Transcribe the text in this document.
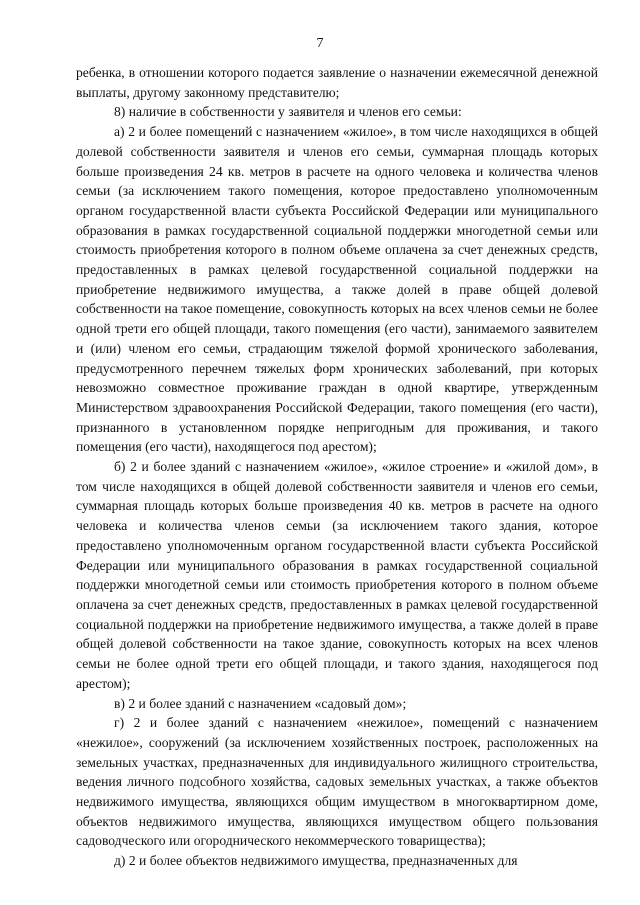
7

ребенка, в отношении которого подается заявление о назначении ежемесячной денежной выплаты, другому законному представителю;

8) наличие в собственности у заявителя и членов его семьи:

а) 2 и более помещений с назначением «жилое», в том числе находящихся в общей долевой собственности заявителя и членов его семьи, суммарная площадь которых больше произведения 24 кв. метров в расчете на одного человека и количества членов семьи (за исключением такого помещения, которое предоставлено уполномоченным органом государственной власти субъекта Российской Федерации или муниципального образования в рамках государственной социальной поддержки многодетной семьи или стоимость приобретения которого в полном объеме оплачена за счет денежных средств, предоставленных в рамках целевой государственной социальной поддержки на приобретение недвижимого имущества, а также долей в праве общей долевой собственности на такое помещение, совокупность которых на всех членов семьи не более одной трети его общей площади, такого помещения (его части), занимаемого заявителем и (или) членом его семьи, страдающим тяжелой формой хронического заболевания, предусмотренного перечнем тяжелых форм хронических заболеваний, при которых невозможно совместное проживание граждан в одной квартире, утвержденным Министерством здравоохранения Российской Федерации, такого помещения (его части), признанного в установленном порядке непригодным для проживания, и такого помещения (его части), находящегося под арестом);

б) 2 и более зданий с назначением «жилое», «жилое строение» и «жилой дом», в том числе находящихся в общей долевой собственности заявителя и членов его семьи, суммарная площадь которых больше произведения 40 кв. метров в расчете на одного человека и количества членов семьи (за исключением такого здания, которое предоставлено уполномоченным органом государственной власти субъекта Российской Федерации или муниципального образования в рамках государственной социальной поддержки многодетной семьи или стоимость приобретения которого в полном объеме оплачена за счет денежных средств, предоставленных в рамках целевой государственной социальной поддержки на приобретение недвижимого имущества, а также долей в праве общей долевой собственности на такое здание, совокупность которых на всех членов семьи не более одной трети его общей площади, и такого здания, находящегося под арестом);

в) 2 и более зданий с назначением «садовый дом»;

г) 2 и более зданий с назначением «нежилое», помещений с назначением «нежилое», сооружений (за исключением хозяйственных построек, расположенных на земельных участках, предназначенных для индивидуального жилищного строительства, ведения личного подсобного хозяйства, садовых земельных участках, а также объектов недвижимого имущества, являющихся общим имуществом в многоквартирном доме, объектов недвижимого имущества, являющихся имуществом общего пользования садоводческого или огороднического некоммерческого товарищества);

д) 2 и более объектов недвижимого имущества, предназначенных для
